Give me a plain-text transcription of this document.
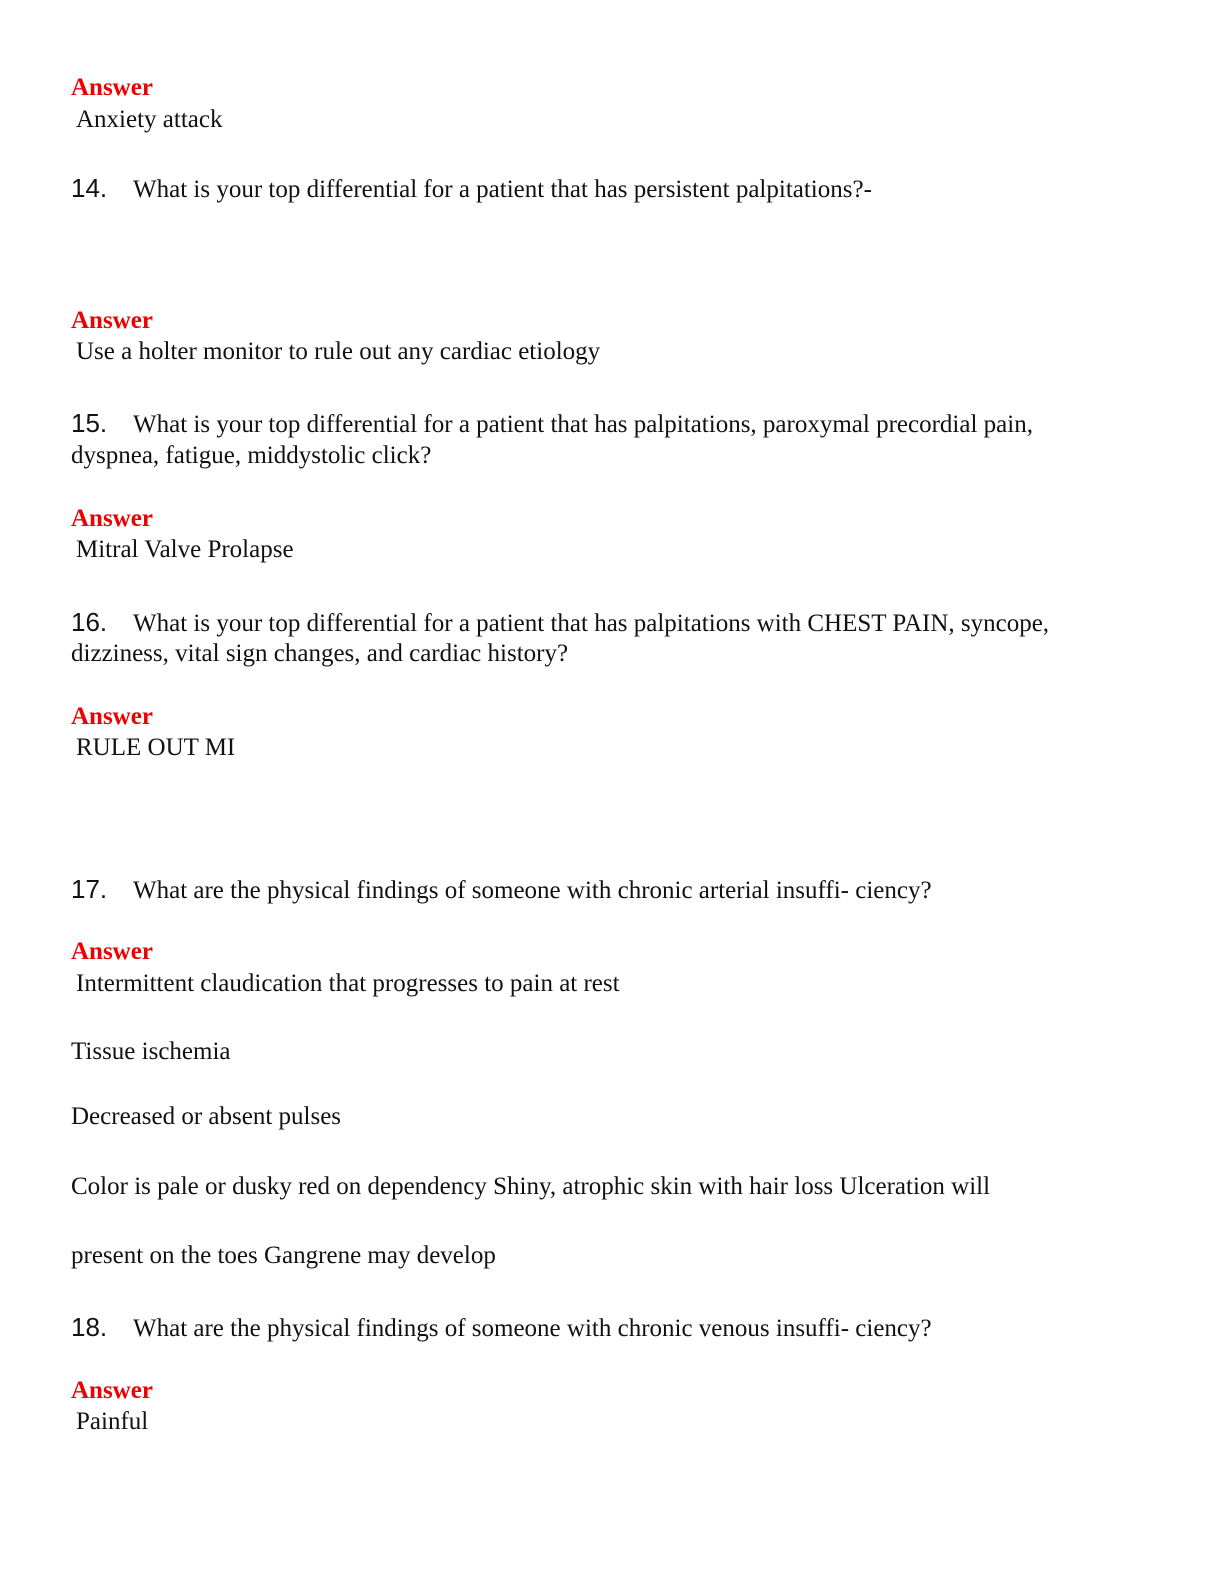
Answer
Anxiety attack
14. What is your top differential for a patient that has persistent palpitations?-
Answer
Use a holter monitor to rule out any cardiac etiology
15. What is your top differential for a patient that has palpitations, paroxymal precordial pain,
dyspnea, fatigue, middystolic click?
Answer
Mitral Valve Prolapse
16. What is your top differential for a patient that has palpitations with CHEST PAIN, syncope,
dizziness, vital sign changes, and cardiac history?
Answer
RULE OUT MI
17. What are the physical findings of someone with chronic arterial insuffi- ciency?
Answer
Intermittent claudication that progresses to pain at rest
Tissue ischemia
Decreased or absent pulses
Color is pale or dusky red on dependency Shiny, atrophic skin with hair loss Ulceration will
present on the toes Gangrene may develop
18. What are the physical findings of someone with chronic venous insuffi- ciency?
Answer
Painful
